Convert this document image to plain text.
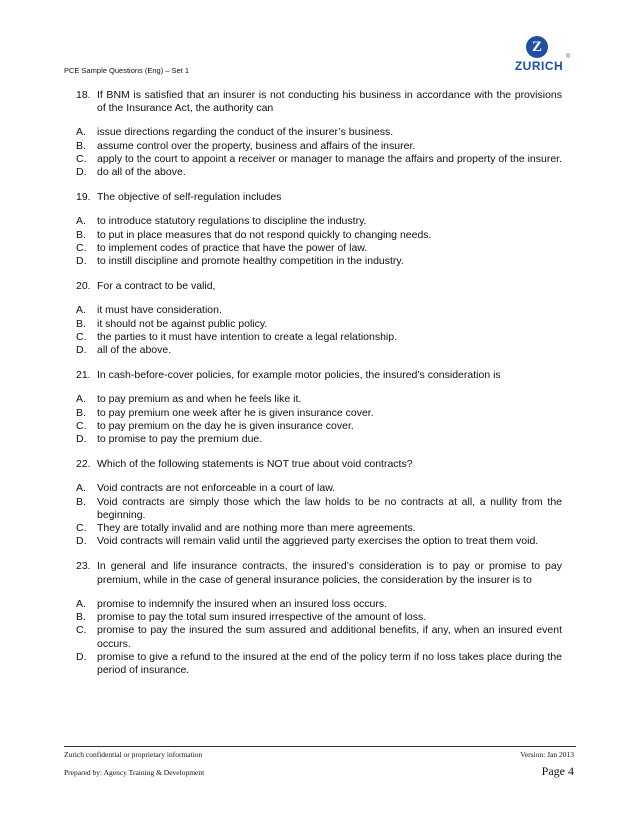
PCE Sample Questions (Eng) – Set 1
Z
ZURICH
®
18. If BNM is satisfied that an insurer is not conducting his business in accordance with the provisions of the Insurance Act, the authority can
A. issue directions regarding the conduct of the insurer’s business.
B. assume control over the property, business and affairs of the insurer.
C. apply to the court to appoint a receiver or manager to manage the affairs and property of the insurer.
D. do all of the above.
19. The objective of self-regulation includes
A. to introduce statutory regulations to discipline the industry.
B. to put in place measures that do not respond quickly to changing needs.
C. to implement codes of practice that have the power of law.
D. to instill discipline and promote healthy competition in the industry.
20. For a contract to be valid,
A. it must have consideration.
B. it should not be against public policy.
C. the parties to it must have intention to create a legal relationship.
D. all of the above.
21. In cash-before-cover policies, for example motor policies, the insured’s consideration is
A. to pay premium as and when he feels like it.
B. to pay premium one week after he is given insurance cover.
C. to pay premium on the day he is given insurance cover.
D. to promise to pay the premium due.
22. Which of the following statements is NOT true about void contracts?
A. Void contracts are not enforceable in a court of law.
B. Void contracts are simply those which the law holds to be no contracts at all, a nullity from the beginning.
C. They are totally invalid and are nothing more than mere agreements.
D. Void contracts will remain valid until the aggrieved party exercises the option to treat them void.
23. In general and life insurance contracts, the insured’s consideration is to pay or promise to pay premium, while in the case of general insurance policies, the consideration by the insurer is to
A. promise to indemnify the insured when an insured loss occurs.
B. promise to pay the total sum insured irrespective of the amount of loss.
C. promise to pay the insured the sum assured and additional benefits, if any, when an insured event occurs.
D. promise to give a refund to the insured at the end of the policy term if no loss takes place during the period of insurance.
Zurich confidential or proprietary information	Version: Jan 2013
Prepared by: Agency Training & Development	Page 4
